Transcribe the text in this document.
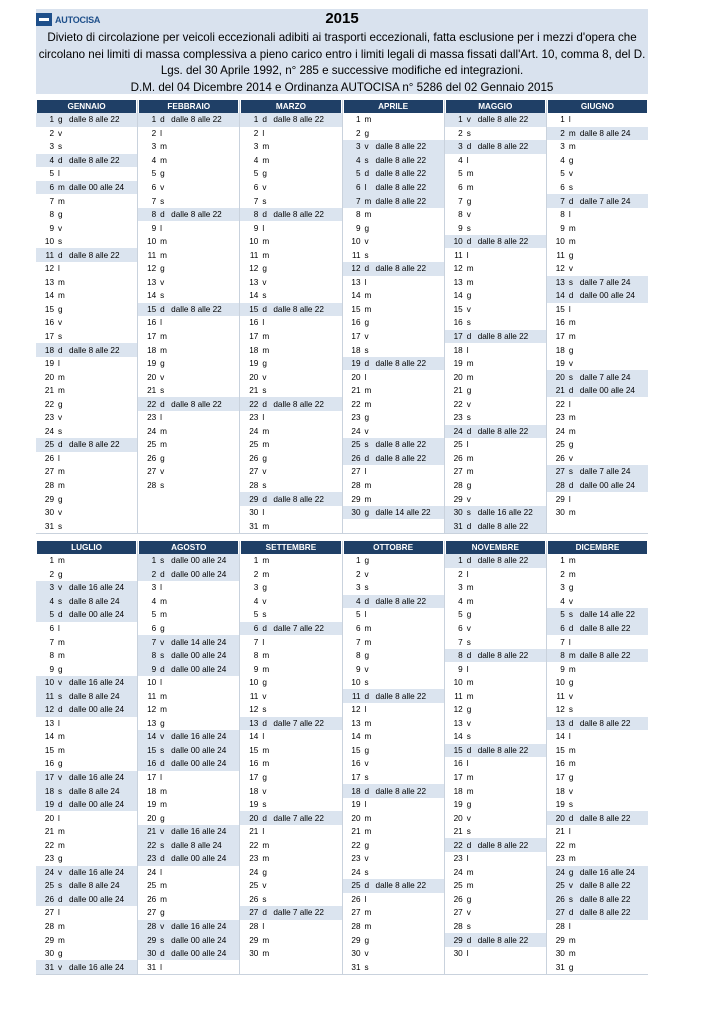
AUTOCISA	2015
Divieto di circolazione per veicoli eccezionali adibiti ai trasporti eccezionali, fatta esclusione per i mezzi d'opera che circolano nei limiti di massa complessiva a pieno carico entro i limiti legali di massa fissati dall'Art. 10, comma 8, del D. Lgs. del 30 Aprile 1992, n° 285 e successive modifiche ed integrazioni.
D.M. del 04 Dicembre 2014 e Ordinanza AUTOCISA n° 5286 del 02 Gennaio 2015
GENNAIO
1 g dalle 8 alle 22
2 v
3 s
4 d dalle 8 alle 22
5 l
6 m dalle 00 alle 24
7 m
8 g
9 v
10 s
11 d dalle 8 alle 22
12 l
13 m
14 m
15 g
16 v
17 s
18 d dalle 8 alle 22
19 l
20 m
21 m
22 g
23 v
24 s
25 d dalle 8 alle 22
26 l
27 m
28 m
29 g
30 v
31 s
FEBBRAIO
1 d dalle 8 alle 22
2 l
3 m
4 m
5 g
6 v
7 s
8 d dalle 8 alle 22
9 l
10 m
11 m
12 g
13 v
14 s
15 d dalle 8 alle 22
16 l
17 m
18 m
19 g
20 v
21 s
22 d dalle 8 alle 22
23 l
24 m
25 m
26 g
27 v
28 s
MARZO
1 d dalle 8 alle 22
2 l
3 m
4 m
5 g
6 v
7 s
8 d dalle 8 alle 22
9 l
10 m
11 m
12 g
13 v
14 s
15 d dalle 8 alle 22
16 l
17 m
18 m
19 g
20 v
21 s
22 d dalle 8 alle 22
23 l
24 m
25 m
26 g
27 v
28 s
29 d dalle 8 alle 22
30 l
31 m
APRILE
1 m
2 g
3 v dalle 8 alle 22
4 s dalle 8 alle 22
5 d dalle 8 alle 22
6 l	dalle 8 alle 22
7 m dalle 8 alle 22
8 m
9 g
10 v
11 s
12 d dalle 8 alle 22
13 l
14 m
15 m
16 g
17 v
18 s
19 d dalle 8 alle 22
20 l
21 m
22 m
23 g
24 v
25 s dalle 8 alle 22
26 d dalle 8 alle 22
27 l
28 m
29 m
30 g dalle 14 alle 22
MAGGIO
1 v dalle 8 alle 22
2 s
3 d dalle 8 alle 22
4 l
5 m
6 m
7 g
8 v
9 s
10 d dalle 8 alle 22
11 l
12 m
13 m
14 g
15 v
16 s
17 d dalle 8 alle 22
18 l
19 m
20 m
21 g
22 v
23 s
24 d dalle 8 alle 22
25 l
26 m
27 m
28 g
29 v
30 s dalle 16 alle 22
31 d dalle 8 alle 22
GIUGNO
1 l
2 m dalle 8 alle 24
3 m
4 g
5 v
6 s
7 d dalle 7 alle 24
8 l
9 m
10 m
11 g
12 v
13 s dalle 7 alle 24
14 d dalle 00 alle 24
15 l
16 m
17 m
18 g
19 v
20 s dalle 7 alle 24
21 d dalle 00 alle 24
22 l
23 m
24 m
25 g
26 v
27 s dalle 7 alle 24
28 d dalle 00 alle 24
29 l
30 m
LUGLIO
1 m
2 g
3 v dalle 16 alle 24
4 s dalle 8 alle 24
5 d dalle 00 alle 24
6 l
7 m
8 m
9 g
10 v dalle 16 alle 24
11 s dalle 8 alle 24
12 d dalle 00 alle 24
13 l
14 m
15 m
16 g
17 v dalle 16 alle 24
18 s dalle 8 alle 24
19 d dalle 00 alle 24
20 l
21 m
22 m
23 g
24 v dalle 16 alle 24
25 s dalle 8 alle 24
26 d dalle 00 alle 24
27 l
28 m
29 m
30 g
31 v dalle 16 alle 24
AGOSTO
1 s dalle 00 alle 24
2 d dalle 00 alle 24
3 l
4 m
5 m
6 g
7 v dalle 14 alle 24
8 s dalle 00 alle 24
9 d dalle 00 alle 24
10 l
11 m
12 m
13 g
14 v dalle 16 alle 24
15 s dalle 00 alle 24
16 d dalle 00 alle 24
17 l
18 m
19 m
20 g
21 v dalle 16 alle 24
22 s dalle 8 alle 24
23 d dalle 00 alle 24
24 l
25 m
26 m
27 g
28 v dalle 16 alle 24
29 s dalle 00 alle 24
30 d dalle 00 alle 24
31 l
SETTEMBRE
1 m
2 m
3 g
4 v
5 s
6 d dalle 7 alle 22
7 l
8 m
9 m
10 g
11 v
12 s
13 d dalle 7 alle 22
14 l
15 m
16 m
17 g
18 v
19 s
20 d dalle 7 alle 22
21 l
22 m
23 m
24 g
25 v
26 s
27 d dalle 7 alle 22
28 l
29 m
30 m
OTTOBRE
1 g
2 v
3 s
4 d dalle 8 alle 22
5 l
6 m
7 m
8 g
9 v
10 s
11 d dalle 8 alle 22
12 l
13 m
14 m
15 g
16 v
17 s
18 d dalle 8 alle 22
19 l
20 m
21 m
22 g
23 v
24 s
25 d dalle 8 alle 22
26 l
27 m
28 m
29 g
30 v
31 s
NOVEMBRE
1 d dalle 8 alle 22
2 l
3 m
4 m
5 g
6 v
7 s
8 d dalle 8 alle 22
9 l
10 m
11 m
12 g
13 v
14 s
15 d dalle 8 alle 22
16 l
17 m
18 m
19 g
20 v
21 s
22 d dalle 8 alle 22
23 l
24 m
25 m
26 g
27 v
28 s
29 d dalle 8 alle 22
30 l
DICEMBRE
1 m
2 m
3 g
4 v
5 s dalle 14 alle 22
6 d dalle 8 alle 22
7 l
8 m dalle 8 alle 22
9 m
10 g
11 v
12 s
13 d dalle 8 alle 22
14 l
15 m
16 m
17 g
18 v
19 s
20 d dalle 8 alle 22
21 l
22 m
23 m
24 g dalle 16 alle 24
25 v dalle 8 alle 22
26 s dalle 8 alle 22
27 d dalle 8 alle 22
28 l
29 m
30 m
31 g
